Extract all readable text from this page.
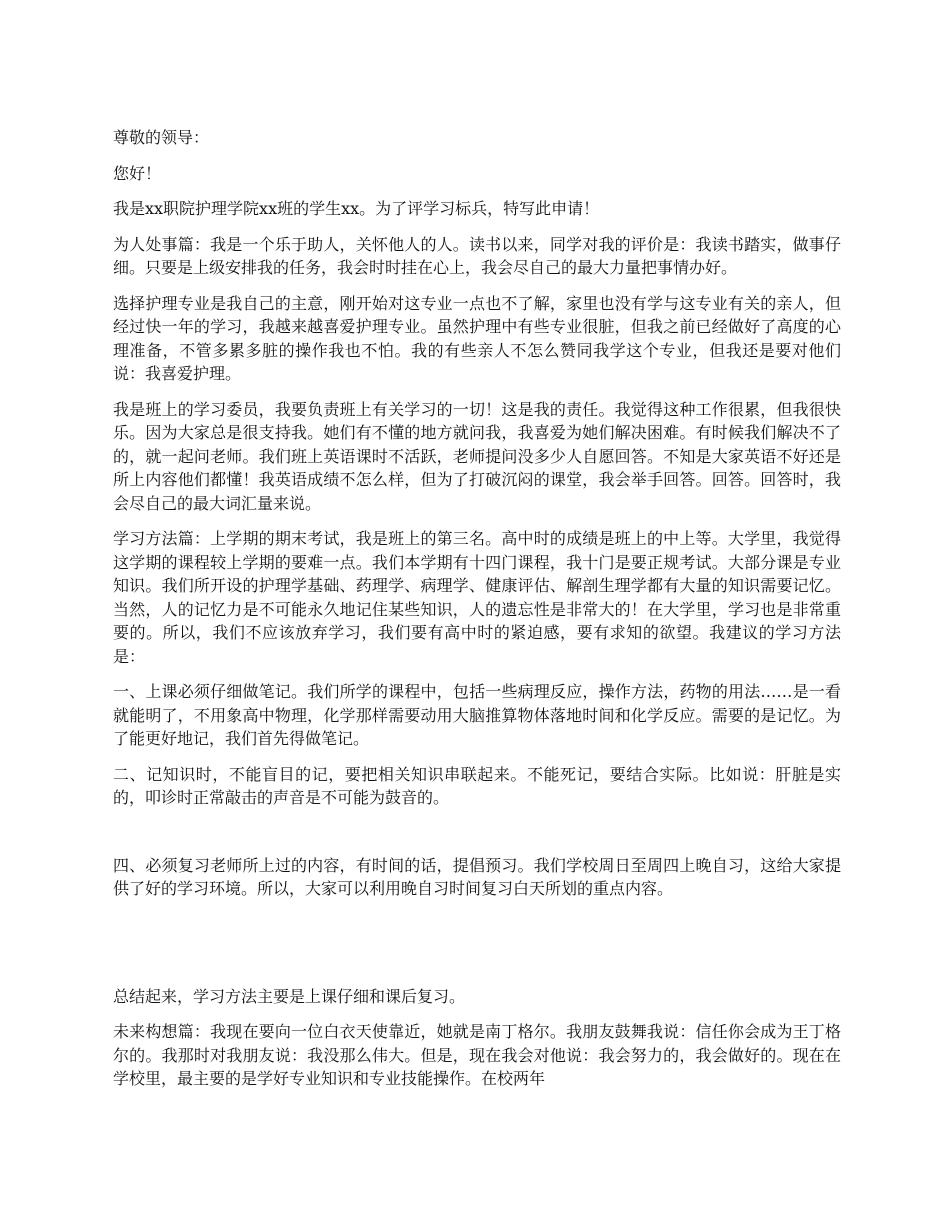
尊敬的领导：

您好！

我是xx职院护理学院xx班的学生xx。为了评学习标兵，特写此申请！

为人处事篇：我是一个乐于助人，关怀他人的人。读书以来，同学对我的评价是：我读书踏实，做事仔细。只要是上级安排我的任务，我会时时挂在心上，我会尽自己的最大力量把事情办好。

选择护理专业是我自己的主意，刚开始对这专业一点也不了解，家里也没有学与这专业有关的亲人，但经过快一年的学习，我越来越喜爱护理专业。虽然护理中有些专业很脏，但我之前已经做好了高度的心理准备，不管多累多脏的操作我也不怕。我的有些亲人不怎么赞同我学这个专业，但我还是要对他们说：我喜爱护理。

我是班上的学习委员，我要负责班上有关学习的一切！这是我的责任。我觉得这种工作很累，但我很快乐。因为大家总是很支持我。她们有不懂的地方就问我，我喜爱为她们解决困难。有时候我们解决不了的，就一起问老师。我们班上英语课时不活跃，老师提问没多少人自愿回答。不知是大家英语不好还是所上内容他们都懂！我英语成绩不怎么样，但为了打破沉闷的课堂，我会举手回答。回答。回答时，我会尽自己的最大词汇量来说。

学习方法篇：上学期的期末考试，我是班上的第三名。高中时的成绩是班上的中上等。大学里，我觉得这学期的课程较上学期的要难一点。我们本学期有十四门课程，我十门是要正规考试。大部分课是专业知识。我们所开设的护理学基础、药理学、病理学、健康评估、解剖生理学都有大量的知识需要记忆。当然，人的记忆力是不可能永久地记住某些知识，人的遗忘性是非常大的！在大学里，学习也是非常重要的。所以，我们不应该放弃学习，我们要有高中时的紧迫感，要有求知的欲望。我建议的学习方法是：

一、上课必须仔细做笔记。我们所学的课程中，包括一些病理反应，操作方法，药物的用法……是一看就能明了，不用象高中物理，化学那样需要动用大脑推算物体落地时间和化学反应。需要的是记忆。为了能更好地记，我们首先得做笔记。

二、记知识时，不能盲目的记，要把相关知识串联起来。不能死记，要结合实际。比如说：肝脏是实的，叩诊时正常敲击的声音是不可能为鼓音的。

四、必须复习老师所上过的内容，有时间的话，提倡预习。我们学校周日至周四上晚自习，这给大家提供了好的学习环境。所以，大家可以利用晚自习时间复习白天所划的重点内容。

总结起来，学习方法主要是上课仔细和课后复习。

未来构想篇：我现在要向一位白衣天使靠近，她就是南丁格尔。我朋友鼓舞我说：信任你会成为王丁格尔的。我那时对我朋友说：我没那么伟大。但是，现在我会对他说：我会努力的，我会做好的。现在在学校里，最主要的是学好专业知识和专业技能操作。在校两年
